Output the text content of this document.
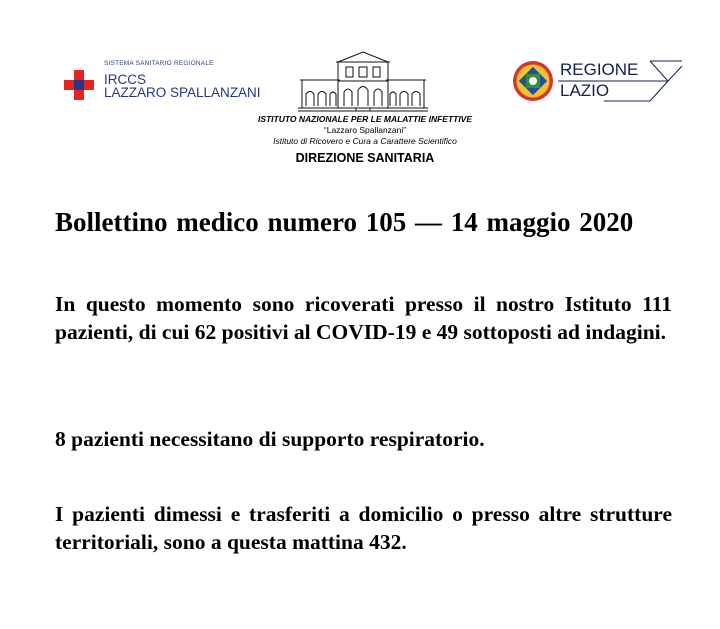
SISTEMA SANITARIO REGIONALE
IRCCS
LAZZARO SPALLANZANI
ISTITUTO NAZIONALE PER LE MALATTIE INFETTIVE
“Lazzaro Spallanzani”
Istituto di Ricovero e Cura a Carattere Scientifico
DIREZIONE SANITARIA
REGIONE
LAZIO
Bollettino medico numero 105 — 14 maggio 2020

In questo momento sono ricoverati presso il nostro Istituto 111 pazienti, di cui 62 positivi al COVID-19 e 49 sottoposti ad indagini.

8 pazienti necessitano di supporto respiratorio.

I pazienti dimessi e trasferiti a domicilio o presso altre strutture territoriali, sono a questa mattina 432.
